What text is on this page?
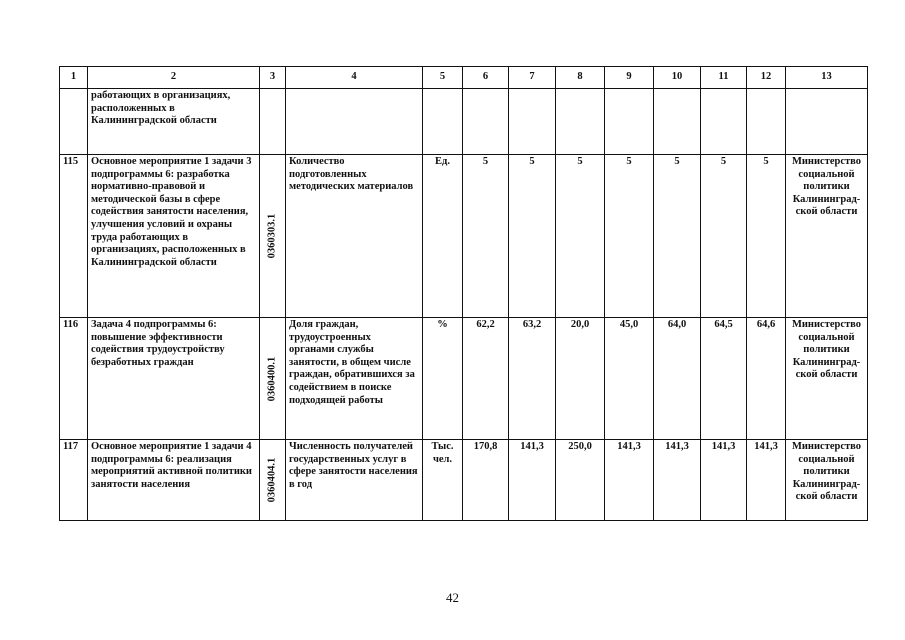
1	2	3	4	5	6	7	8	9	10	11	12	13
	работающих в организациях, расположенных в Калининградской области	

115	Основное мероприятие 1 задачи 3 подпрограммы 6: разработка нормативно-правовой и методической базы в сфере содействия занятости населения, улучшения условий и охраны труда работающих в организациях, расположенных в Калининградской области	0360303.1	Количество подготовленных методических материалов	Ед.	5	5	5	5	5	5	5	Министерство социальной политики Калининград-ской области
116	Задача 4 подпрограммы 6: повышение эффективности содействия трудоустройству безработных граждан	0360400.1	Доля граждан, трудоустроенных органами службы занятости, в общем числе граждан, обратившихся за содействием в поиске подходящей работы	%	62,2	63,2	20,0	45,0	64,0	64,5	64,6	Министерство социальной политики Калининград-ской области
117	Основное мероприятие 1 задачи 4 подпрограммы 6: реализация мероприятий активной политики занятости населения	0360404.1	Численность получателей государственных услуг в сфере занятости населения в год	Тыс. чел.	170,8	141,3	250,0	141,3	141,3	141,3	141,3	Министерство социальной политики Калининград-ской области
42
